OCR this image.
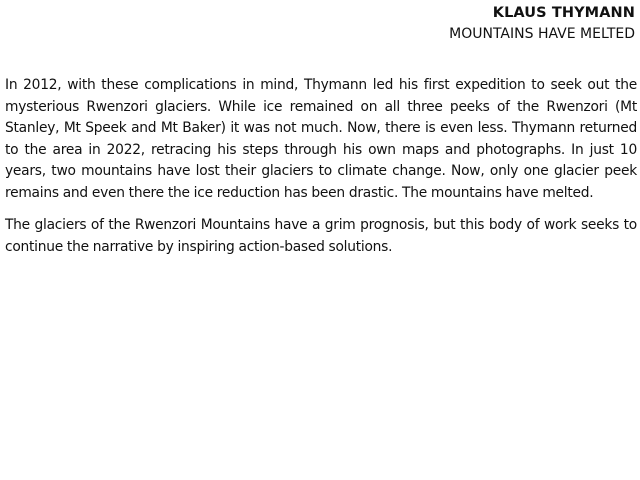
KLAUS THYMANN
MOUNTAINS HAVE MELTED

In 2012, with these complications in mind, Thymann led his first expedition to seek out the mysterious Rwenzori glaciers. While ice remained on all three peeks of the Rwenzori (Mt Stanley, Mt Speek and Mt Baker) it was not much. Now, there is even less. Thymann returned to the area in 2022, retracing his steps through his own maps and photographs. In just 10 years, two mountains have lost their glaciers to climate change. Now, only one glacier peek remains and even there the ice reduction has been drastic. The mountains have melted.

The glaciers of the Rwenzori Mountains have a grim prognosis, but this body of work seeks to continue the narrative by inspiring action-based solutions.
